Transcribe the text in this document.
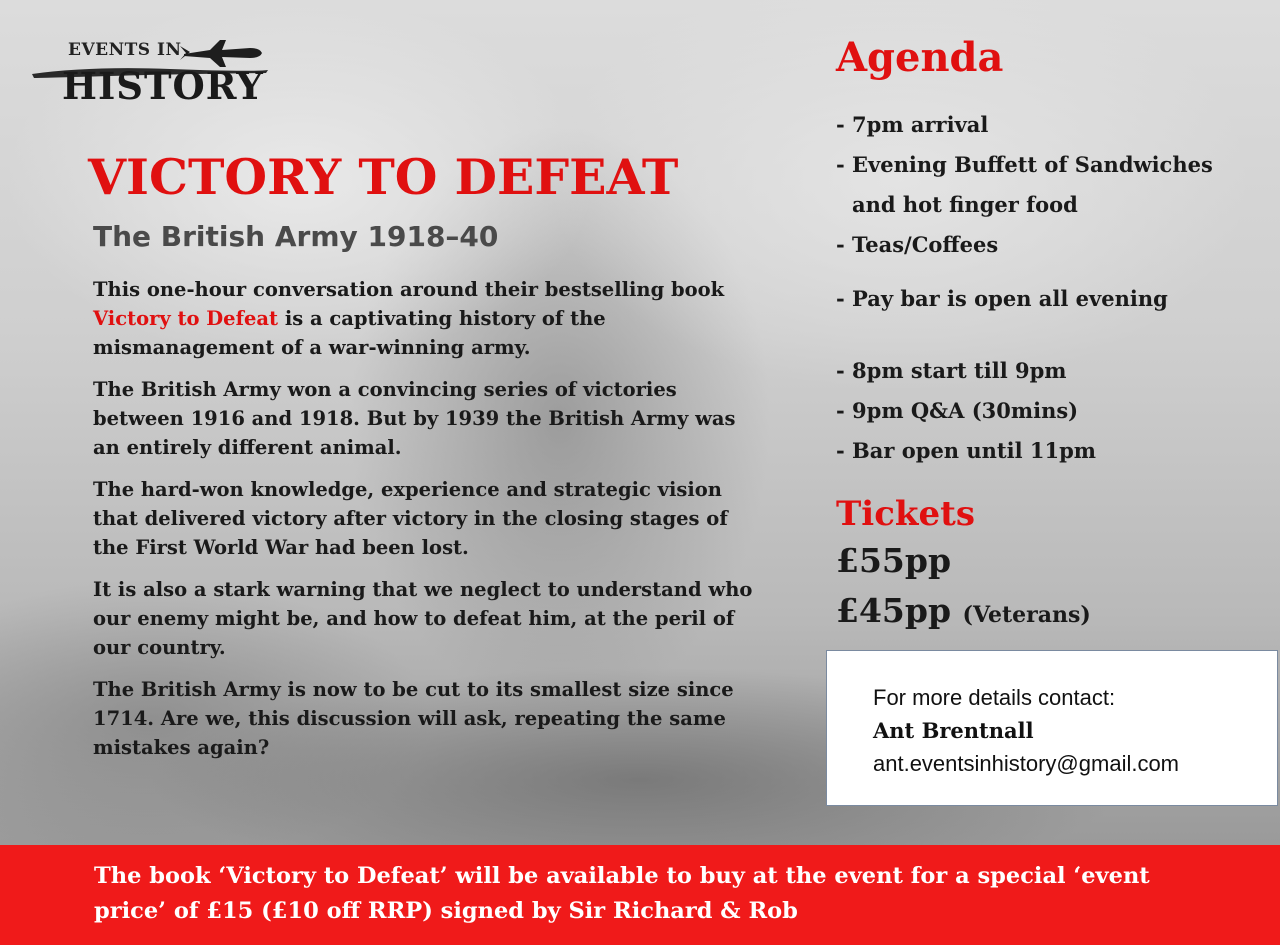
EVENTS IN
HISTORY
VICTORY TO DEFEAT
The British Army 1918–40

This one-hour conversation around their bestselling book Victory to Defeat is a captivating history of the mismanagement of a war-winning army.

The British Army won a convincing series of victories between 1916 and 1918. But by 1939 the British Army was an entirely different animal.

The hard-won knowledge, experience and strategic vision that delivered victory after victory in the closing stages of the First World War had been lost.

It is also a stark warning that we neglect to understand who our enemy might be, and how to defeat him, at the peril of our country.

The British Army is now to be cut to its smallest size since 1714. Are we, this discussion will ask, repeating the same mistakes again?

Agenda
- 7pm arrival
- Evening Buffett of Sandwiches
and hot finger food
- Teas/Coffees
- Pay bar is open all evening
- 8pm start till 9pm
- 9pm Q&A (30mins)
- Bar open until 11pm
Tickets
£55pp
£45pp (Veterans)
For more details contact:
Ant Brentnall
ant.eventsinhistory@gmail.com

The book ‘Victory to Defeat’ will be available to buy at the event for a special ‘event price’ of £15 (£10 off RRP) signed by Sir Richard & Rob
